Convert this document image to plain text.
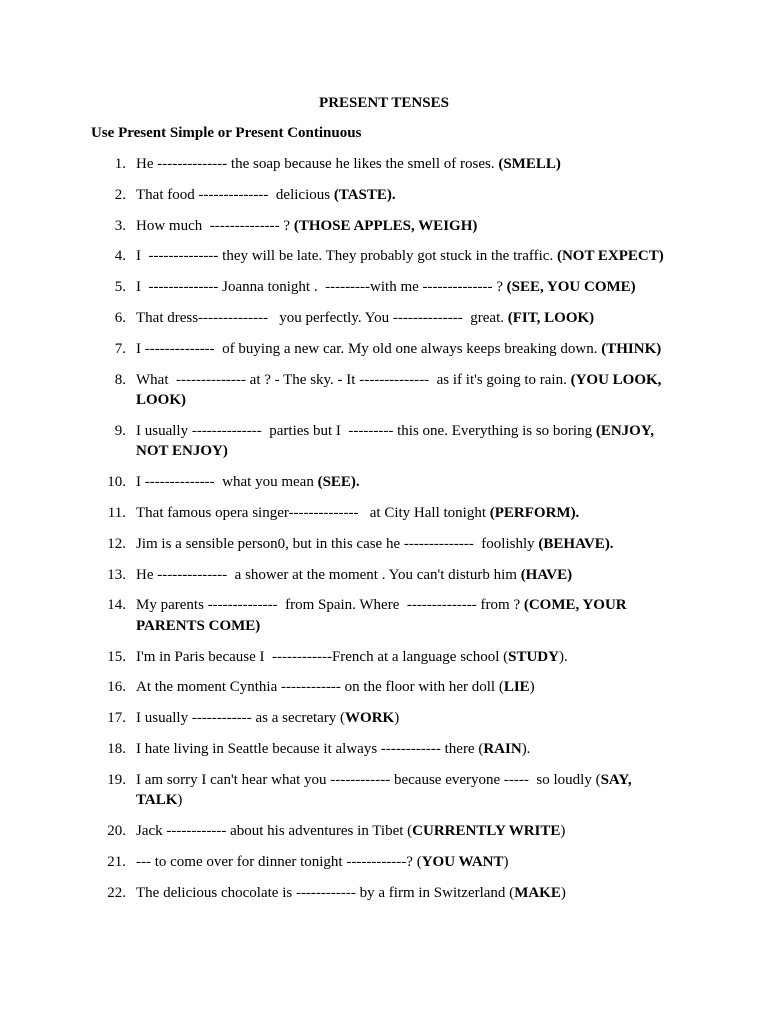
PRESENT TENSES
Use Present Simple or Present Continuous
1. He -------------- the soap because he likes the smell of roses. (SMELL)
2. That food --------------  delicious (TASTE).
3. How much  -------------- ? (THOSE APPLES, WEIGH)
4. I  -------------- they will be late. They probably got stuck in the traffic. (NOT EXPECT)
5. I  -------------- Joanna tonight .  ---------with me -------------- ? (SEE, YOU COME)
6. That dress--------------   you perfectly. You --------------  great. (FIT, LOOK)
7. I --------------  of buying a new car. My old one always keeps breaking down. (THINK)
8. What  -------------- at ? - The sky. - It --------------  as if it's going to rain. (YOU LOOK, LOOK)
9. I usually --------------  parties but I  --------- this one. Everything is so boring (ENJOY, NOT ENJOY)
10. I --------------  what you mean (SEE).
11. That famous opera singer--------------   at City Hall tonight (PERFORM).
12. Jim is a sensible person0, but in this case he --------------  foolishly (BEHAVE).
13. He --------------  a shower at the moment . You can't disturb him (HAVE)
14. My parents --------------  from Spain. Where  -------------- from ? (COME, YOUR PARENTS COME)
15. I'm in Paris because I  ------------French at a language school (STUDY).
16. At the moment Cynthia ------------ on the floor with her doll (LIE)
17. I usually ------------ as a secretary (WORK)
18. I hate living in Seattle because it always ------------ there (RAIN).
19. I am sorry I can't hear what you ------------ because everyone -----  so loudly (SAY, TALK)
20. Jack ------------ about his adventures in Tibet (CURRENTLY WRITE)
21. --- to come over for dinner tonight ------------? (YOU WANT)
22. The delicious chocolate is ------------ by a firm in Switzerland (MAKE)
